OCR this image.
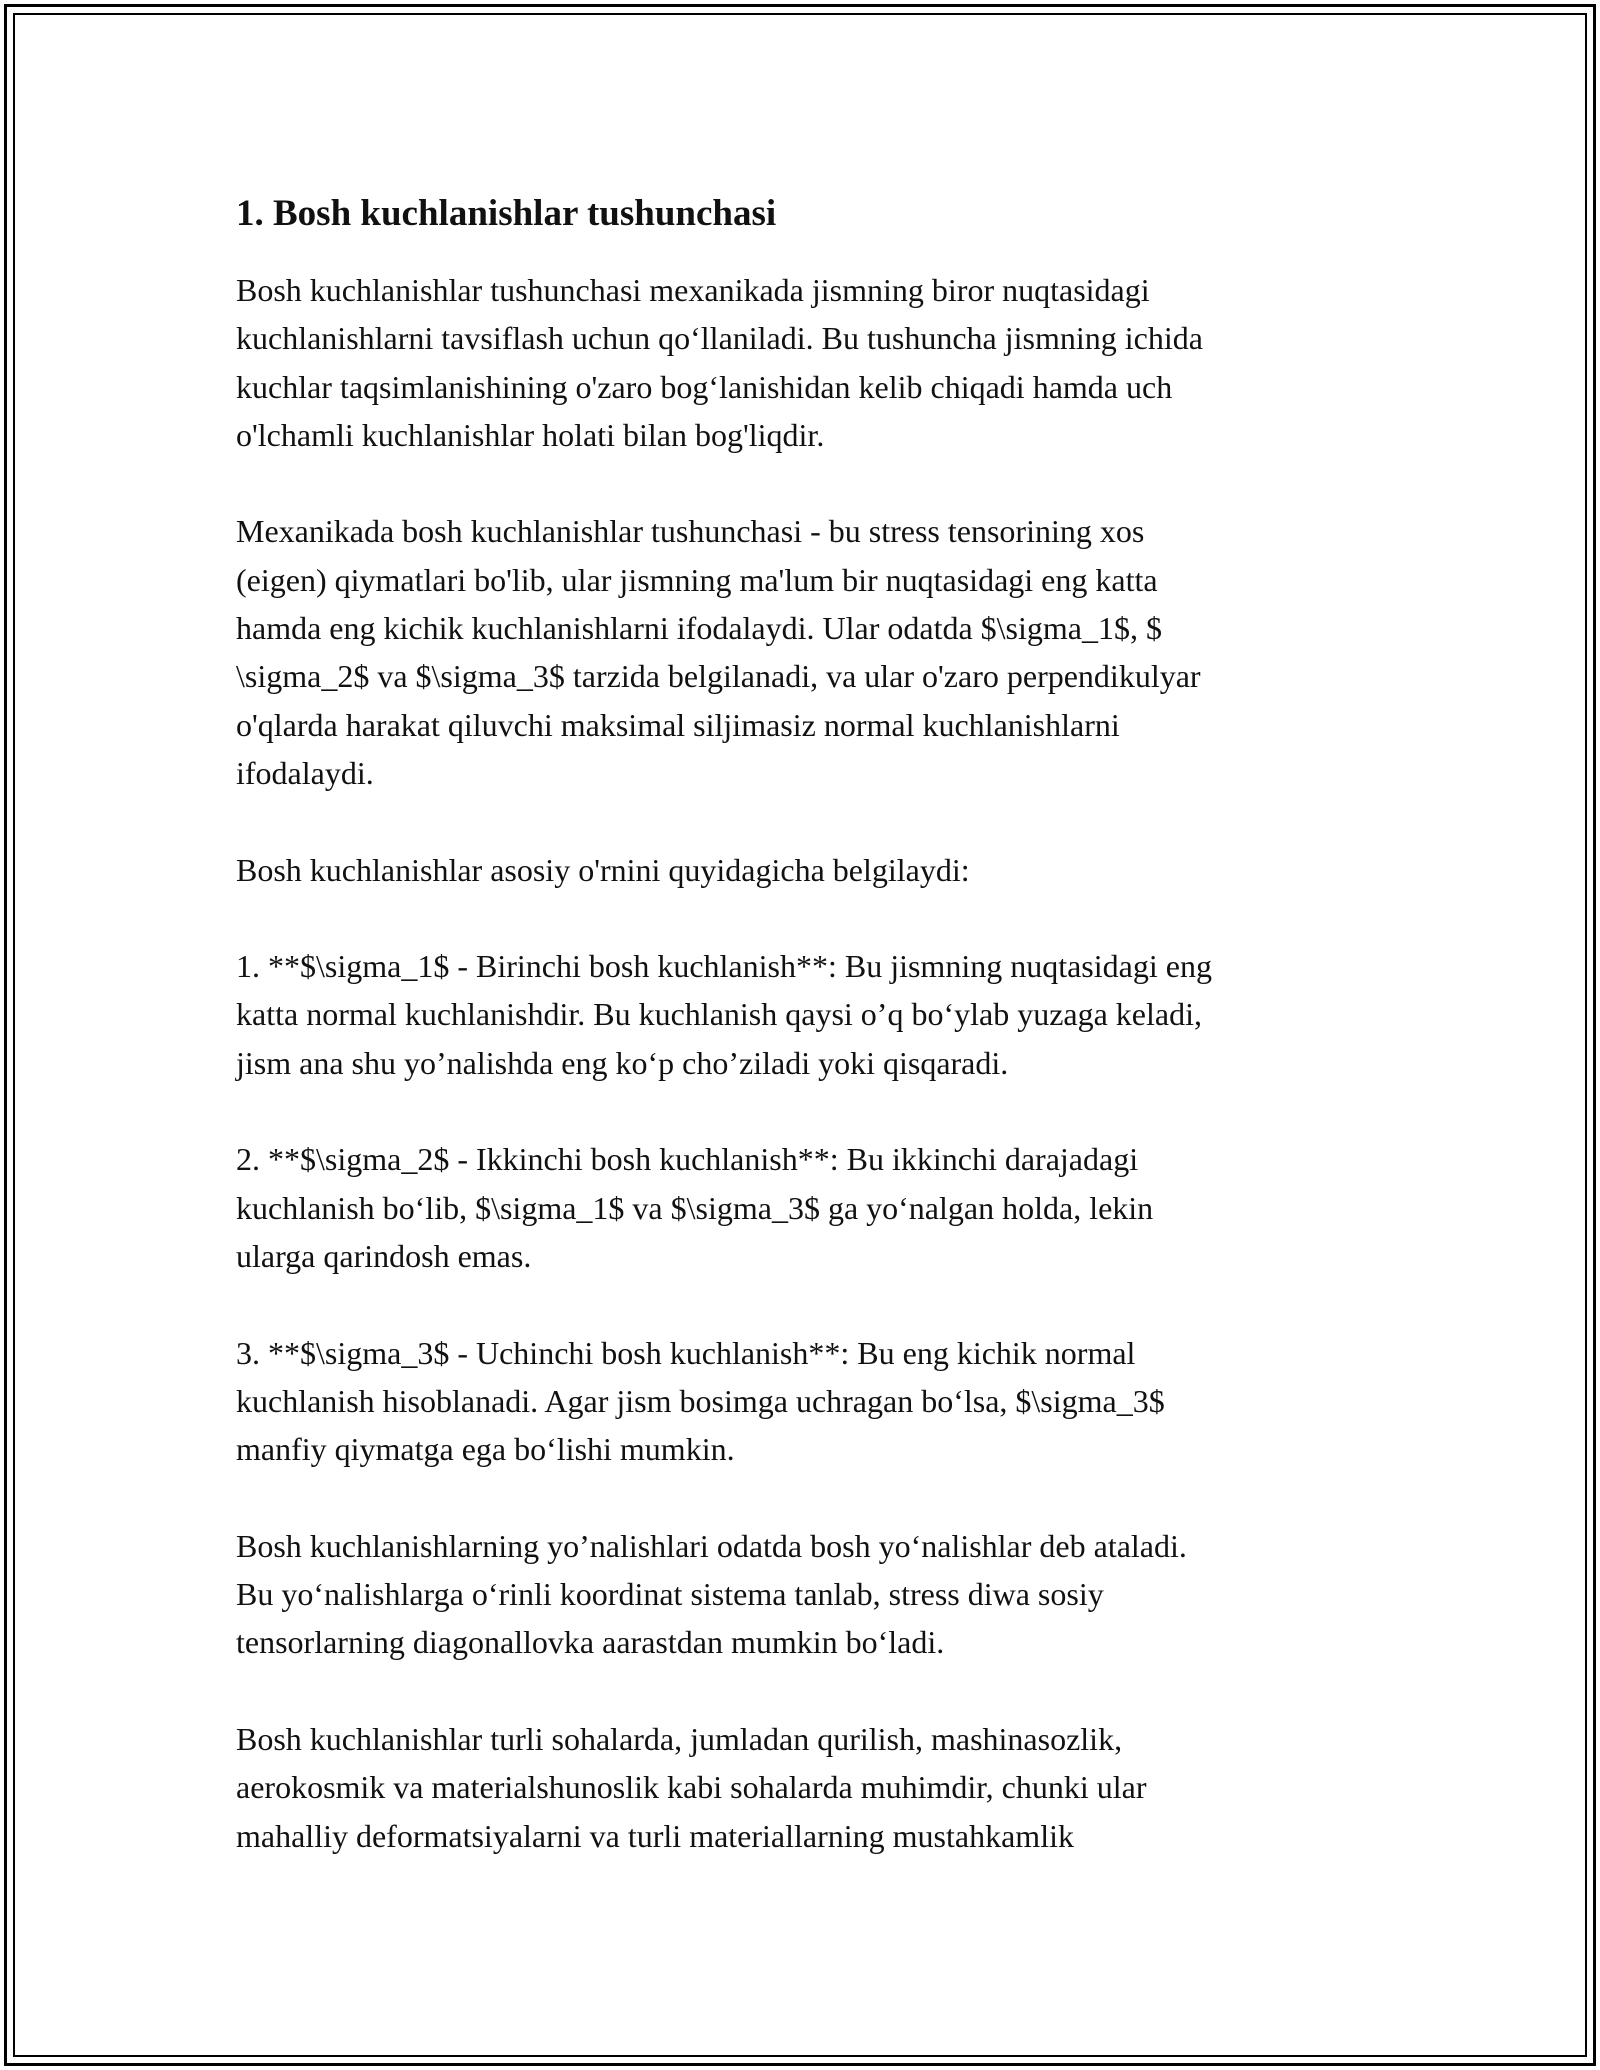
1. Bosh kuchlanishlar tushunchasi

Bosh kuchlanishlar tushunchasi mexanikada jismning biror nuqtasidagi
kuchlanishlarni tavsiflash uchun qo‘llaniladi. Bu tushuncha jismning ichida
kuchlar taqsimlanishining o'zaro bog‘lanishidan kelib chiqadi hamda uch
o'lchamli kuchlanishlar holati bilan bog'liqdir.

Mexanikada bosh kuchlanishlar tushunchasi - bu stress tensorining xos
(eigen) qiymatlari bo'lib, ular jismning ma'lum bir nuqtasidagi eng katta
hamda eng kichik kuchlanishlarni ifodalaydi. Ular odatda $\sigma_1$, $
\sigma_2$ va $\sigma_3$ tarzida belgilanadi, va ular o'zaro perpendikulyar
o'qlarda harakat qiluvchi maksimal siljimasiz normal kuchlanishlarni
ifodalaydi.

Bosh kuchlanishlar asosiy o'rnini quyidagicha belgilaydi:

1. **$\sigma_1$ - Birinchi bosh kuchlanish**: Bu jismning nuqtasidagi eng
katta normal kuchlanishdir. Bu kuchlanish qaysi o’q bo‘ylab yuzaga keladi,
jism ana shu yo’nalishda eng ko‘p cho’ziladi yoki qisqaradi.

2. **$\sigma_2$ - Ikkinchi bosh kuchlanish**: Bu ikkinchi darajadagi
kuchlanish bo‘lib, $\sigma_1$ va $\sigma_3$ ga yo‘nalgan holda, lekin
ularga qarindosh emas.

3. **$\sigma_3$ - Uchinchi bosh kuchlanish**: Bu eng kichik normal
kuchlanish hisoblanadi. Agar jism bosimga uchragan bo‘lsa, $\sigma_3$
manfiy qiymatga ega bo‘lishi mumkin.

Bosh kuchlanishlarning yo’nalishlari odatda bosh yo‘nalishlar deb ataladi.
Bu yo‘nalishlarga o‘rinli koordinat sistema tanlab, stress diwa sosiy
tensorlarning diagonallovka aarastdan mumkin bo‘ladi.

Bosh kuchlanishlar turli sohalarda, jumladan qurilish, mashinasozlik,
aerokosmik va materialshunoslik kabi sohalarda muhimdir, chunki ular
mahalliy deformatsiyalarni va turli materiallarning mustahkamlik
